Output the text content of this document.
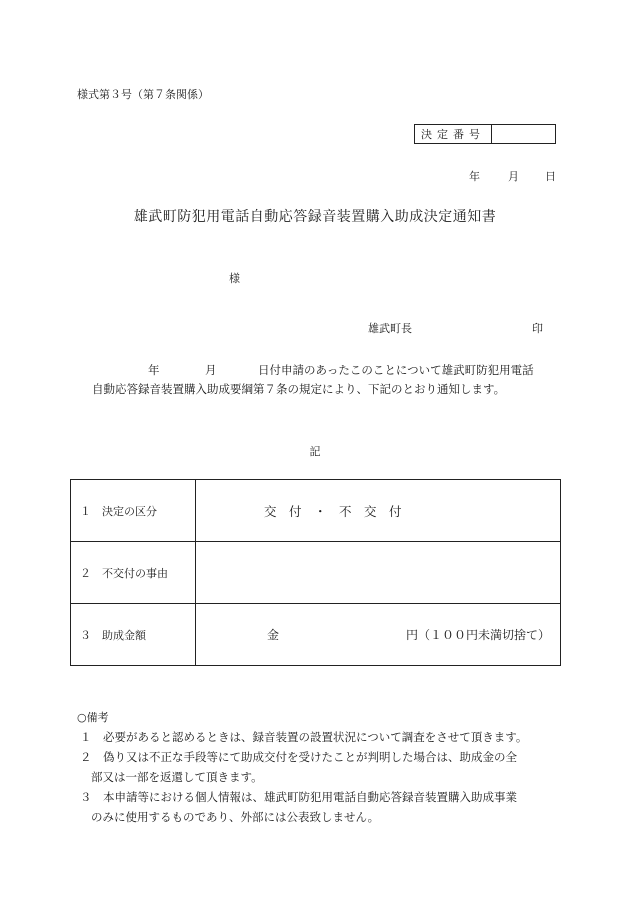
様式第３号（第７条関係）
決定番号
年	月 日
雄武町防犯用電話自動応答録音装置購入助成決定通知書
様
雄武町長	印
年	月	日付申請のあったこのことについて雄武町防犯用電話
自動応答録音装置購入助成要綱第７条の規定により、下記のとおり通知します。
記
１　決定の区分	交　付　・　不　交　付

２　不交付の事由	

３　助成金額	金 円（１００円未満切捨て）
○備考
１　必要があると認めるときは、録音装置の設置状況について調査をさせて頂きます。
２　偽り又は不正な手段等にて助成交付を受けたことが判明した場合は、助成金の全
部又は一部を返還して頂きます。
３　本申請等における個人情報は、雄武町防犯用電話自動応答録音装置購入助成事業
のみに使用するものであり、外部には公表致しません。
